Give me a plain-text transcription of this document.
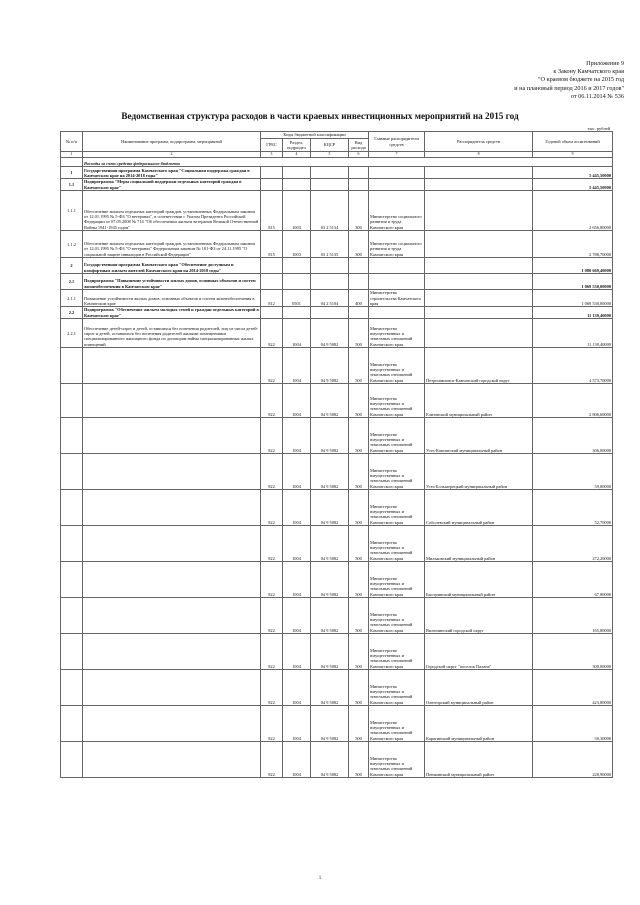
Приложение 9
к Закону Камчатского края
"О краевом бюджете на 2015 год
и на плановый период 2016 и 2017 годов"
от 06.11.2014 № 536
Ведомственная структура расходов в части краевых инвестиционных мероприятий на 2015 год
тыс. рублей
№ п/п	Наименование программ, подпрограмм, мероприятий	Коды бюджетной классификации				Главные распорядители средств	Распорядитель средств	Годовой объем ассигнований
		ГРБС	Раздел, подраздел	КЦСР	Вид расхода			
1	2	3	4	5	6	7	8	9
	Расходы за счет средств федерального бюджета							
1	Государственная программа Камчатского края "Социальная поддержка граждан в Камчатском крае на 2014-2018 годы"							5 445,50000
1.1	Подпрограмма "Меры социальной поддержки отдельных категорий граждан в Камчатском крае"							5 445,50000
1.1.1	Обеспечение жильем отдельных категорий граждан, установленных Федеральным законом от 12.01.1995 № 5-ФЗ "О ветеранах", в соответствии с Указом Президента Российской Федерации от 07.05.2008 № 714 "Об обеспечении жильем ветеранов Великой Отечественной Войны 1941-1945 годов"	815	1003	03 2 5134	300	Министерство социального развития и труда Камчатского края		2 656,80000
1.1.2	Обеспечение жильем отдельных категорий граждан, установленных Федеральным законом от 12.01.1995 № 5-ФЗ "О ветеранах" Федеральным законом № 181-ФЗ от 24.11.1995 "О социальной защите инвалидов в Российской Федерации"	815	1003	03 2 5135	300	Министерство социального развития и труда Камчатского края		2 788,70000
2	Государственная программа Камчатского края "Обеспечение доступным и комфортным жильем жителей Камчатского края на 2014-2018 годы"							1 080 669,40000
2.1	Подпрограмма "Повышение устойчивости жилых домов, основных объектов и систем жизнеобеспечения в Камчатском крае"							1 069 530,00000
2.1.1	Повышение устойчивости жилых домов, основных объектов и систем жизнеобеспечения в Камчатском крае	812	0501	04 2 5104	400	Министерство строительства Камчатского края		1 069 530,00000
2.2	Подпрограмма "Обеспечение жильем молодых семей и граждан отдельных категорий в Камчатском крае"							11 139,40000
2.2.1	Обеспечение детей-сирот и детей, оставшихся без попечения родителей, лиц из числа детей-сирот и детей, оставшихся без попечения родителей жилыми помещениями специализированного жилищного фонда по договорам найма специализированных жилых помещений	822	1004	04 9 5082	500	Министерство имущественных и земельных отношений Камчатского края		11 139,40000
		822	1004	04 9 5082	500	Министерство имущественных и земельных отношений Камчатского края	Петропавловск-Камчатский городской округ	4 573,70000
		822	1004	04 9 5082	500	Министерство имущественных и земельных отношений Камчатского края	Елизовский муниципальный район	2 806,60000
		822	1004	04 9 5082	500	Министерство имущественных и земельных отношений Камчатского края	Усть-Камчатский муниципальный район	306,00000
		822	1004	04 9 5082	500	Министерство имущественных и земельных отношений Камчатского края	Усть-Большерецкий муниципальный район	59,00000
		822	1004	04 9 5082	500	Министерство имущественных и земельных отношений Камчатского края	Соболевский муниципальный район	52,70000
		822	1004	04 9 5082	500	Министерство имущественных и земельных отношений Камчатского края	Мильковский муниципальный район	272,20000
		822	1004	04 9 5082	500	Министерство имущественных и земельных отношений Камчатского края	Быстринский муниципальный район	67,80000
		822	1004	04 9 5082	500	Министерство имущественных и земельных отношений Камчатского края	Вилючинский городской округ	165,80000
		822	1004	04 9 5082	500	Министерство имущественных и земельных отношений Камчатского края	Городской округ "поселок Палана"	300,00000
		822	1004	04 9 5082	500	Министерство имущественных и земельных отношений Камчатского края	Олюторский муниципальный район	423,80000
		822	1004	04 9 5082	500	Министерство имущественных и земельных отношений Камчатского края	Карагинский муниципальный район	50,30000
		822	1004	04 9 5082	500	Министерство имущественных и земельных отношений Камчатского края	Пенжинский муниципальный район	228,90000
1
